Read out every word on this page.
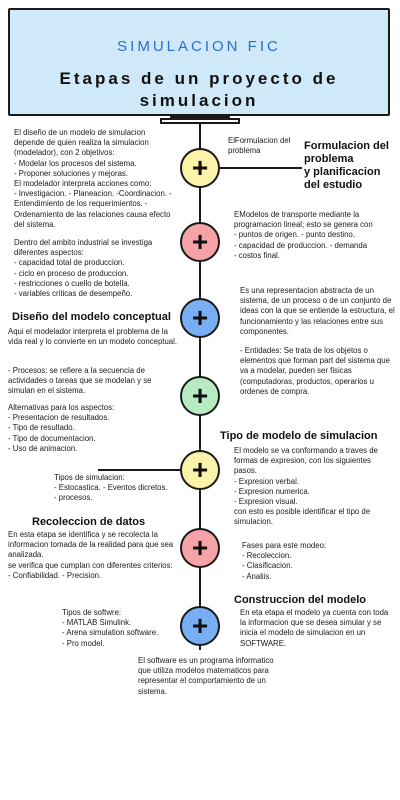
SIMULACION FIC
Etapas de un proyecto de simulacion
+
El diseño de un modelo de simulacion depende de quien realiza la simulacion (modelador), con 2 objetivos:
- Modelar los procesos del sistema.
- Proponer soluciones y mejoras.
El modelador interpreta acciones como:
- Investigacion. - Planeacion. -Coordinacion. - Entendimiento de los requerimientos. - Ordenamiento de las relaciones causa efecto del sistema.
ElFormulacion del problema	Formulacion del problema
y planificacion del estudio
+
Dentro del ambito industrial se investiga diferentes aspectos:
- capacidad total de produccion.
- ciclo en proceso de produccion.
- restricciones o cuello de botella.
- variables criticas de desempeño.
EModelos de transporte mediante la programacion lineal; esto se genera con
- puntos de origen. - punto destino.
- capacidad de produccion. - demanda
- costos final.
+
Diseño del modelo conceptual
Aqui el modelador interpreta el problema de la vida real y lo convierte en un modelo conceptual.
Es una representacion abstracta de un sistema, de un proceso o de un conjunto de ideas con la que se entiende la estructura, el funcionamiento y las relaciones entre sus componentes.
- Entidades: Se trata de los objetos o elementos que forman part del sistema que va a modelar, pueden ser fisicas (computadoras, productos, operarios u ordenes de compra.
+
- Procesos: se refiere a la secuencia de actividades o tareas que se modelan y se simulan en el sistema.
Alternativas para los aspectos:
- Presentacion de resultados.
- Tipo de resultado.
- Tipo de documentacion.
- Uso de animacion.
+
Tipo de modelo de simulacion
Tipos de simulacion:
- Estocastica. - Eventos dicretos.
- procesos.
El modelo se va conformando a traves de formas de expresion, con los siguientes pasos.
- Expresion verbal.
- Expresion numerica.
- Expresion visual.
con esto es posible identificar el tipo de simulacion.
+
Recoleccion de datos
En esta etapa se identifica y se recolecta la informacion tomada de la realidad para que sea analizada.
se verifica que cumplan con diferentes criterios:
- Confiabilidad. - Precision.
Fases para este modeo:
- Recoleccion.
- Clasificacion.
- Analiis.
+
Construccion del modelo
Tipos de softwre:
- MATLAB Simulink.
- Arena simulation software.
- Pro model.
En eta etapa el modelo ya cuenta con toda la informacion que se desea simular y se inicia el modelo de simulacion en un SOFTWARE.
El software es un programa informatico que utiliza modelos matematicos para representar el comportamiento de un sistema.
